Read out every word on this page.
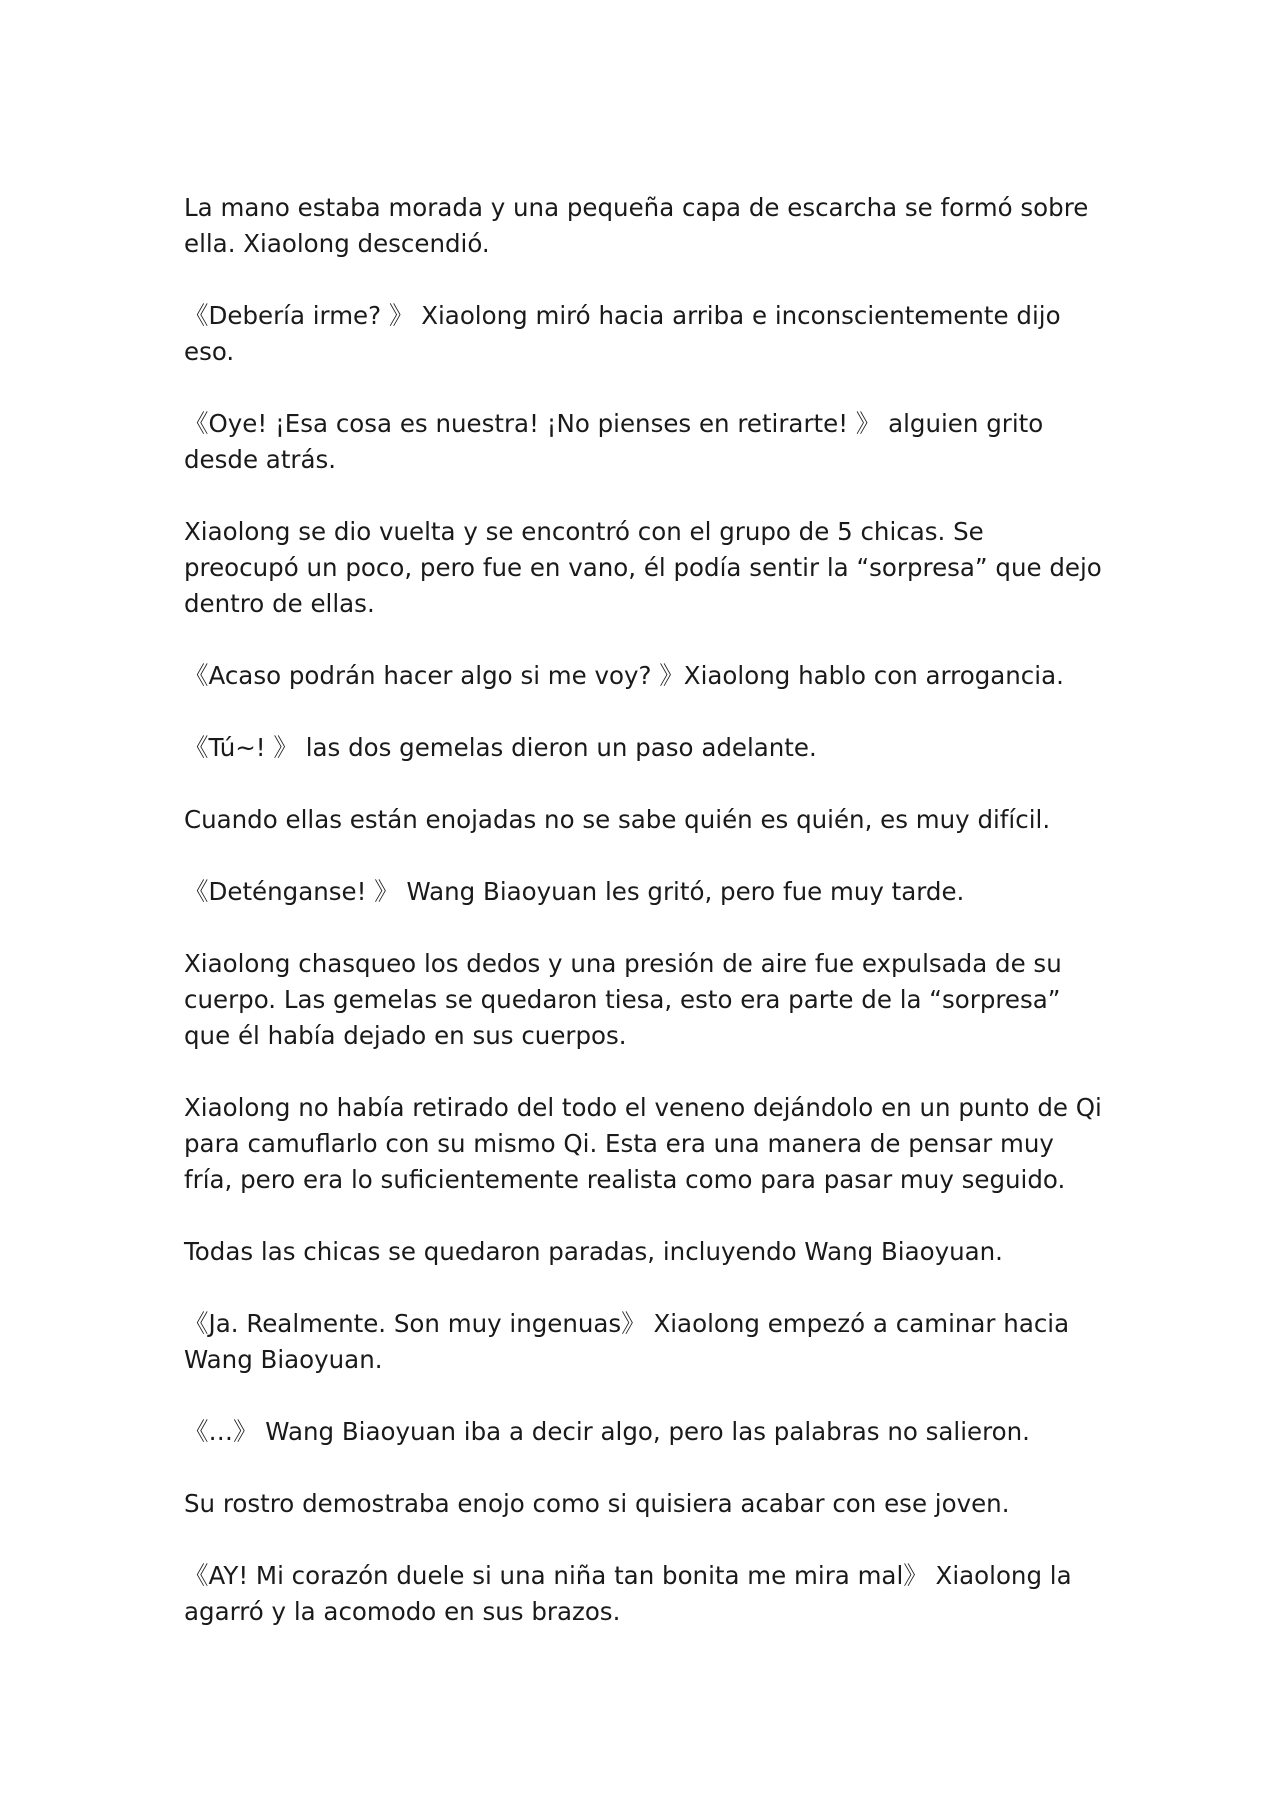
La mano estaba morada y una pequeña capa de escarcha se formó sobre ella. Xiaolong descendió.

《Debería irme? 》 Xiaolong miró hacia arriba e inconscientemente dijo eso.

《Oye! ¡Esa cosa es nuestra! ¡No pienses en retirarte! 》 alguien grito desde atrás.

Xiaolong se dio vuelta y se encontró con el grupo de 5 chicas. Se preocupó un poco, pero fue en vano, él podía sentir la “sorpresa” que dejo dentro de ellas.

《Acaso podrán hacer algo si me voy? 》Xiaolong hablo con arrogancia.

《Tú~! 》 las dos gemelas dieron un paso adelante.

Cuando ellas están enojadas no se sabe quién es quién, es muy difícil.

《Deténganse! 》 Wang Biaoyuan les gritó, pero fue muy tarde.

Xiaolong chasqueo los dedos y una presión de aire fue expulsada de su cuerpo. Las gemelas se quedaron tiesa, esto era parte de la “sorpresa” que él había dejado en sus cuerpos.

Xiaolong no había retirado del todo el veneno dejándolo en un punto de Qi para camuflarlo con su mismo Qi. Esta era una manera de pensar muy fría, pero era lo suficientemente realista como para pasar muy seguido.

Todas las chicas se quedaron paradas, incluyendo Wang Biaoyuan.

《Ja. Realmente. Son muy ingenuas》 Xiaolong empezó a caminar hacia Wang Biaoyuan.

《…》 Wang Biaoyuan iba a decir algo, pero las palabras no salieron.

Su rostro demostraba enojo como si quisiera acabar con ese joven.

《AY! Mi corazón duele si una niña tan bonita me mira mal》 Xiaolong la agarró y la acomodo en sus brazos.
